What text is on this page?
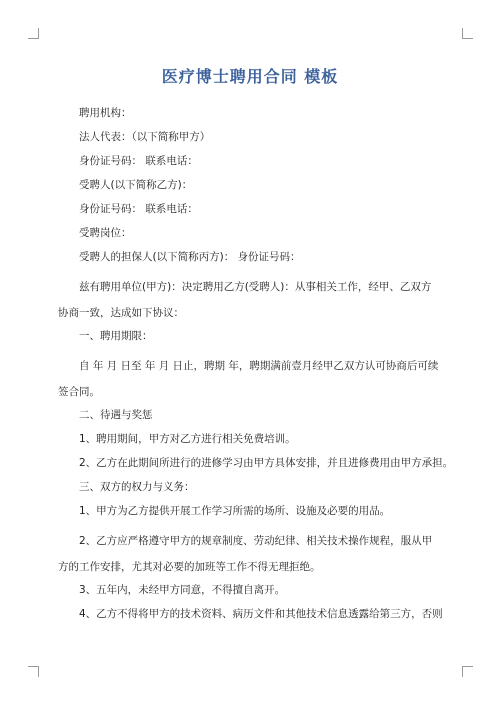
医疗博士聘用合同 模板

聘用机构：

法人代表：（以下简称甲方）

身份证号码： 联系电话：

受聘人(以下简称乙方)：

身份证号码： 联系电话：

受聘岗位：

受聘人的担保人(以下简称丙方)： 身份证号码：

兹有聘用单位(甲方)：决定聘用乙方(受聘人)：从事相关工作，经甲、乙双方协商一致，达成如下协议：

一、聘用期限：

自 年 月 日至 年 月 日止，聘期 年，聘期满前壹月经甲乙双方认可协商后可续签合同。

二、待遇与奖惩

1、聘用期间，甲方对乙方进行相关免费培训。

2、乙方在此期间所进行的进修学习由甲方具体安排，并且进修费用由甲方承担。

三、双方的权力与义务：

1、甲方为乙方提供开展工作学习所需的场所、设施及必要的用品。

2、乙方应严格遵守甲方的规章制度、劳动纪律、相关技术操作规程，服从甲方的工作安排，尤其对必要的加班等工作不得无理拒绝。

3、五年内，未经甲方同意，不得擅自离开。

4、乙方不得将甲方的技术资料、病历文件和其他技术信息透露给第三方，否则
